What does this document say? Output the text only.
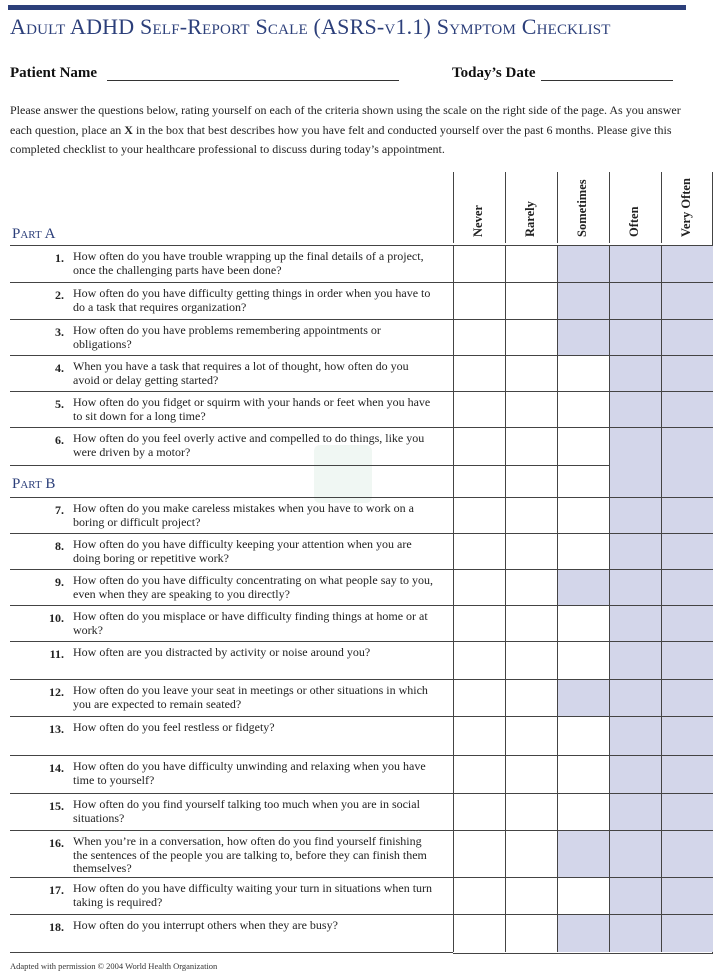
Adult ADHD Self-Report Scale (ASRS-v1.1) Symptom Checklist
Patient Name	Today’s Date
Please answer the questions below, rating yourself on each of the criteria shown using the scale on the right side of the page. As you answer each question, place an X in the box that best describes how you have felt and conducted yourself over the past 6 months. Please give this completed checklist to your healthcare professional to discuss during today’s appointment.
Never	Rarely	Sometimes	Often	Very Often
Part A
Part B
1. How often do you have trouble wrapping up the final details of a project, once the challenging parts have been done?
2. How often do you have difficulty getting things in order when you have to do a task that requires organization?
3. How often do you have problems remembering appointments or obligations?
4. When you have a task that requires a lot of thought, how often do you avoid or delay getting started?
5. How often do you fidget or squirm with your hands or feet when you have to sit down for a long time?
6. How often do you feel overly active and compelled to do things, like you were driven by a motor?
7. How often do you make careless mistakes when you have to work on a boring or difficult project?
8. How often do you have difficulty keeping your attention when you are doing boring or repetitive work?
9. How often do you have difficulty concentrating on what people say to you, even when they are speaking to you directly?
10. How often do you misplace or have difficulty finding things at home or at work?
11. How often are you distracted by activity or noise around you?
12. How often do you leave your seat in meetings or other situations in which you are expected to remain seated?
13. How often do you feel restless or fidgety?
14. How often do you have difficulty unwinding and relaxing when you have time to yourself?
15. How often do you find yourself talking too much when you are in social situations?
16. When you’re in a conversation, how often do you find yourself finishing the sentences of the people you are talking to, before they can finish them themselves?
17. How often do you have difficulty waiting your turn in situations when turn taking is required?
18. How often do you interrupt others when they are busy?
Adapted with permission © 2004 World Health Organization
